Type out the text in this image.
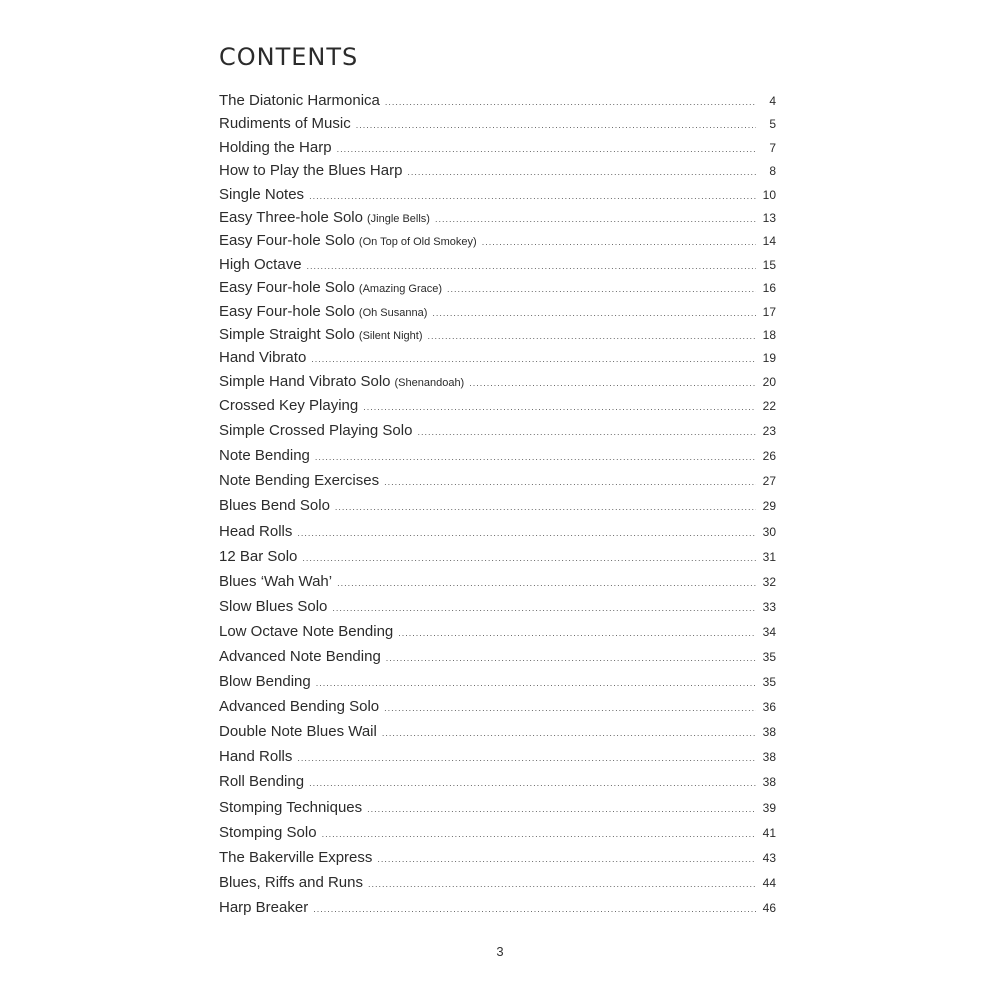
CONTENTS
The Diatonic Harmonica .....	4
Rudiments of Music .....	5
Holding the Harp .....	7
How to Play the Blues Harp .....	8
Single Notes .....	10
Easy Three-hole Solo (Jingle Bells) .....	13
Easy Four-hole Solo (On Top of Old Smokey) .....	14
High Octave .....	15
Easy Four-hole Solo (Amazing Grace) .....	16
Easy Four-hole Solo (Oh Susanna) .....	17
Simple Straight Solo (Silent Night) .....	18
Hand Vibrato .....	19
Simple Hand Vibrato Solo (Shenandoah) .....	20
Crossed Key Playing .....	22
Simple Crossed Playing Solo .....	23
Note Bending .....	26
Note Bending Exercises .....	27
Blues Bend Solo .....	29
Head Rolls .....	30
12 Bar Solo .....	31
Blues ‘Wah Wah’ .....	32
Slow Blues Solo .....	33
Low Octave Note Bending .....	34
Advanced Note Bending .....	35
Blow Bending .....	35
Advanced Bending Solo .....	36
Double Note Blues Wail .....	38
Hand Rolls .....	38
Roll Bending .....	38
Stomping Techniques .....	39
Stomping Solo .....	41
The Bakerville Express .....	43
Blues, Riffs and Runs .....	44
Harp Breaker .....	46
3
